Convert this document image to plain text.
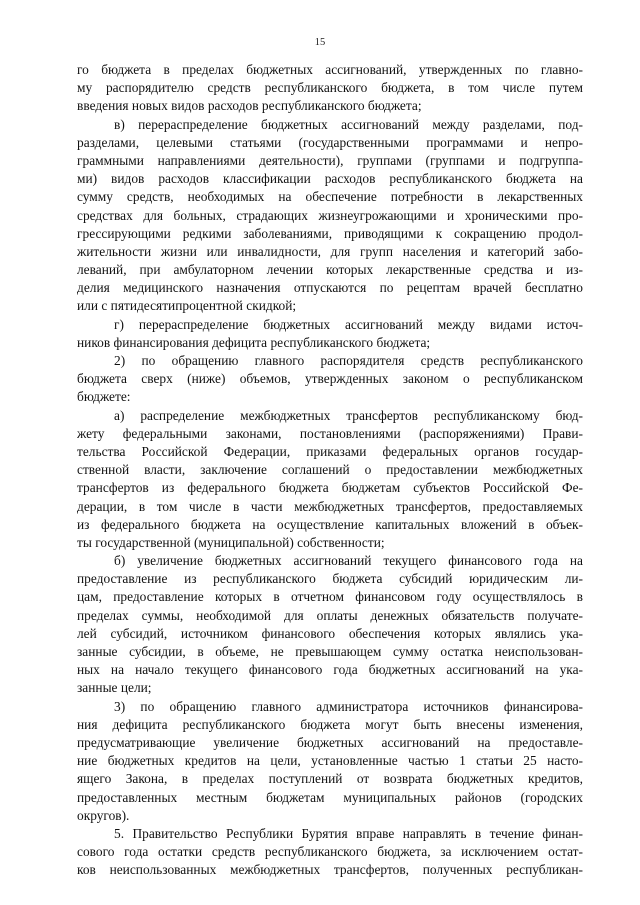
15
го бюджета в пределах бюджетных ассигнований, утвержденных по главно-
му распорядителю средств республиканского бюджета, в том числе путем
введения новых видов расходов республиканского бюджета;
в) перераспределение бюджетных ассигнований между разделами, под-
разделами, целевыми статьями (государственными программами и непро-
граммными направлениями деятельности), группами (группами и подгруппа-
ми) видов расходов классификации расходов республиканского бюджета на
сумму средств, необходимых на обеспечение потребности в лекарственных
средствах для больных, страдающих жизнеугрожающими и хроническими про-
грессирующими редкими заболеваниями, приводящими к сокращению продол-
жительности жизни или инвалидности, для групп населения и категорий забо-
леваний, при амбулаторном лечении которых лекарственные средства и из-
делия медицинского назначения отпускаются по рецептам врачей бесплатно
или с пятидесятипроцентной скидкой;
г) перераспределение бюджетных ассигнований между видами источ-
ников финансирования дефицита республиканского бюджета;
2) по обращению главного распорядителя средств республиканского
бюджета сверх (ниже) объемов, утвержденных законом о республиканском
бюджете:
а) распределение межбюджетных трансфертов республиканскому бюд-
жету федеральными законами, постановлениями (распоряжениями) Прави-
тельства Российской Федерации, приказами федеральных органов государ-
ственной власти, заключение соглашений о предоставлении межбюджетных
трансфертов из федерального бюджета бюджетам субъектов Российской Фе-
дерации, в том числе в части межбюджетных трансфертов, предоставляемых
из федерального бюджета на осуществление капитальных вложений в объек-
ты государственной (муниципальной) собственности;
б) увеличение бюджетных ассигнований текущего финансового года на
предоставление из республиканского бюджета субсидий юридическим ли-
цам, предоставление которых в отчетном финансовом году осуществлялось в
пределах суммы, необходимой для оплаты денежных обязательств получате-
лей субсидий, источником финансового обеспечения которых являлись ука-
занные субсидии, в объеме, не превышающем сумму остатка неиспользован-
ных на начало текущего финансового года бюджетных ассигнований на ука-
занные цели;
3) по обращению главного администратора источников финансирова-
ния дефицита республиканского бюджета могут быть внесены изменения,
предусматривающие увеличение бюджетных ассигнований на предоставле-
ние бюджетных кредитов на цели, установленные частью 1 статьи 25 насто-
ящего Закона, в пределах поступлений от возврата бюджетных кредитов,
предоставленных местным бюджетам муниципальных районов (городских
округов).
5. Правительство Республики Бурятия вправе направлять в течение финан-
сового года остатки средств республиканского бюджета, за исключением остат-
ков неиспользованных межбюджетных трансфертов, полученных республикан-
